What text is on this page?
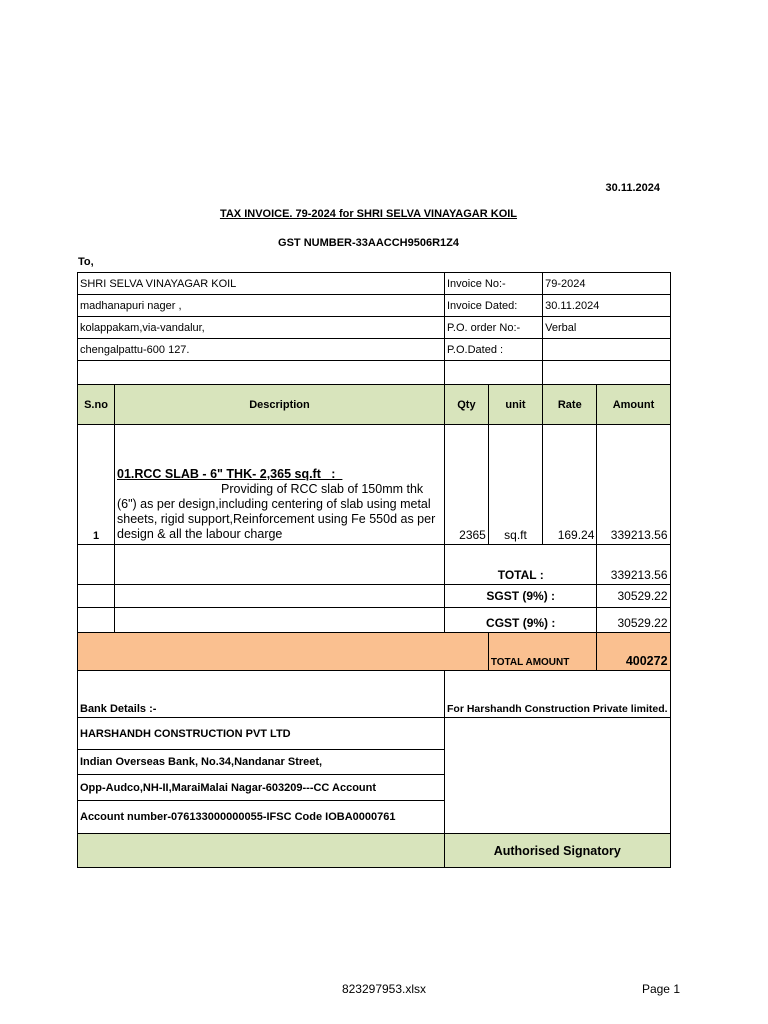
30.11.2024
TAX INVOICE. 79-2024 for SHRI SELVA VINAYAGAR KOIL
GST NUMBER-33AACCH9506R1Z4
To,
SHRI SELVA VINAYAGAR KOIL		Invoice No:-		79-2024	
madhanapuri nager ,		Invoice Dated:		30.11.2024	
kolappakam,via-vandalur,		P.O. order No:-		Verbal	
chengalpattu-600 127.		P.O.Dated :			

S.no	Description	Qty	unit	Rate	Amount
1	01.RCC SLAB - 6" THK- 2,365 sq.ft   :
Providing of RCC slab of 150mm thk (6") as per design,including centering of slab using metal sheets, rigid support,Reinforcement using Fe 550d as per design & all the labour charge	2365	sq.ft	169.24	339213.56
		TOTAL :			339213.56
		SGST (9%) :			30529.22
		CGST (9%) :			30529.22
			TOTAL AMOUNT		400272
Bank Details :-		For Harshandh Construction Private limited.			
HARSHANDH CONSTRUCTION PVT LTD					
Indian Overseas Bank, No.34,Nandanar Street,					
Opp-Audco,NH-II,MaraiMalai Nagar-603209---CC Account					
Account number-076133000000055-IFSC Code IOBA0000761					
		Authorised Signatory			
823297953.xlsx	Page 1
